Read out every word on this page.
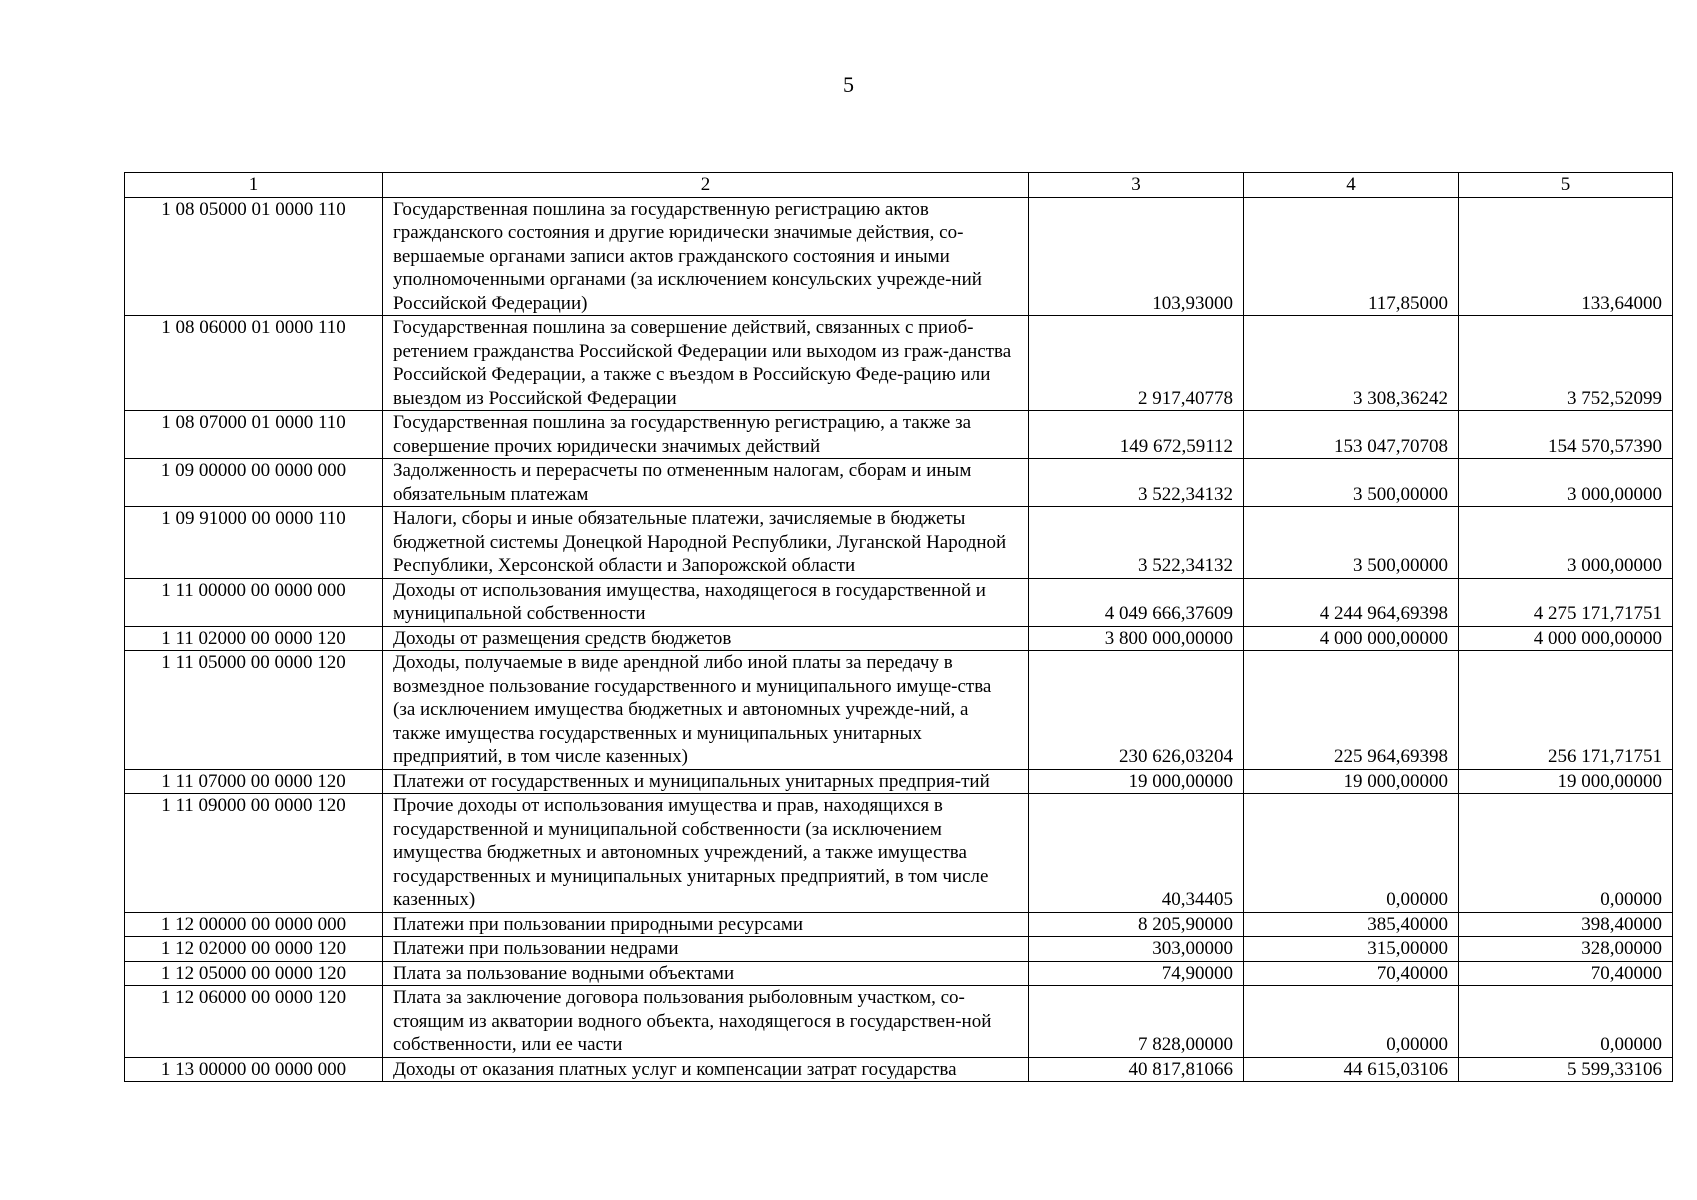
5
1	2	3	4	5
1 08 05000 01 0000 110	Государственная пошлина за государственную регистрацию актов гражданского состояния и другие юридически значимые действия, со-вершаемые органами записи актов гражданского состояния и иными уполномоченными органами (за исключением консульских учрежде-ний Российской Федерации)	103,93000	117,85000	133,64000
1 08 06000 01 0000 110	Государственная пошлина за совершение действий, связанных с приоб-ретением гражданства Российской Федерации или выходом из граж-данства Российской Федерации, а также с въездом в Российскую Феде-рацию или выездом из Российской Федерации	2 917,40778	3 308,36242	3 752,52099
1 08 07000 01 0000 110	Государственная пошлина за государственную регистрацию, а также за совершение прочих юридически значимых действий	149 672,59112	153 047,70708	154 570,57390
1 09 00000 00 0000 000	Задолженность и перерасчеты по отмененным налогам, сборам и иным обязательным платежам	3 522,34132	3 500,00000	3 000,00000
1 09 91000 00 0000 110	Налоги, сборы и иные обязательные платежи, зачисляемые в бюджеты бюджетной системы Донецкой Народной Республики, Луганской Народной Республики, Херсонской области и Запорожской области	3 522,34132	3 500,00000	3 000,00000
1 11 00000 00 0000 000	Доходы от использования имущества, находящегося в государственной и муниципальной собственности	4 049 666,37609	4 244 964,69398	4 275 171,71751
1 11 02000 00 0000 120	Доходы от размещения средств бюджетов	3 800 000,00000	4 000 000,00000	4 000 000,00000
1 11 05000 00 0000 120	Доходы, получаемые в виде арендной либо иной платы за передачу в возмездное пользование государственного и муниципального имуще-ства (за исключением имущества бюджетных и автономных учрежде-ний, а также имущества государственных и муниципальных унитарных предприятий, в том числе казенных)	230 626,03204	225 964,69398	256 171,71751
1 11 07000 00 0000 120	Платежи от государственных и муниципальных унитарных предприя-тий	19 000,00000	19 000,00000	19 000,00000
1 11 09000 00 0000 120	Прочие доходы от использования имущества и прав, находящихся в государственной и муниципальной собственности (за исключением имущества бюджетных и автономных учреждений, а также имущества государственных и муниципальных унитарных предприятий, в том числе казенных)	40,34405	0,00000	0,00000
1 12 00000 00 0000 000	Платежи при пользовании природными ресурсами	8 205,90000	385,40000	398,40000
1 12 02000 00 0000 120	Платежи при пользовании недрами	303,00000	315,00000	328,00000
1 12 05000 00 0000 120	Плата за пользование водными объектами	74,90000	70,40000	70,40000
1 12 06000 00 0000 120	Плата за заключение договора пользования рыболовным участком, со-стоящим из акватории водного объекта, находящегося в государствен-ной собственности, или ее части	7 828,00000	0,00000	0,00000
1 13 00000 00 0000 000	Доходы от оказания платных услуг и компенсации затрат государства	40 817,81066	44 615,03106	5 599,33106
